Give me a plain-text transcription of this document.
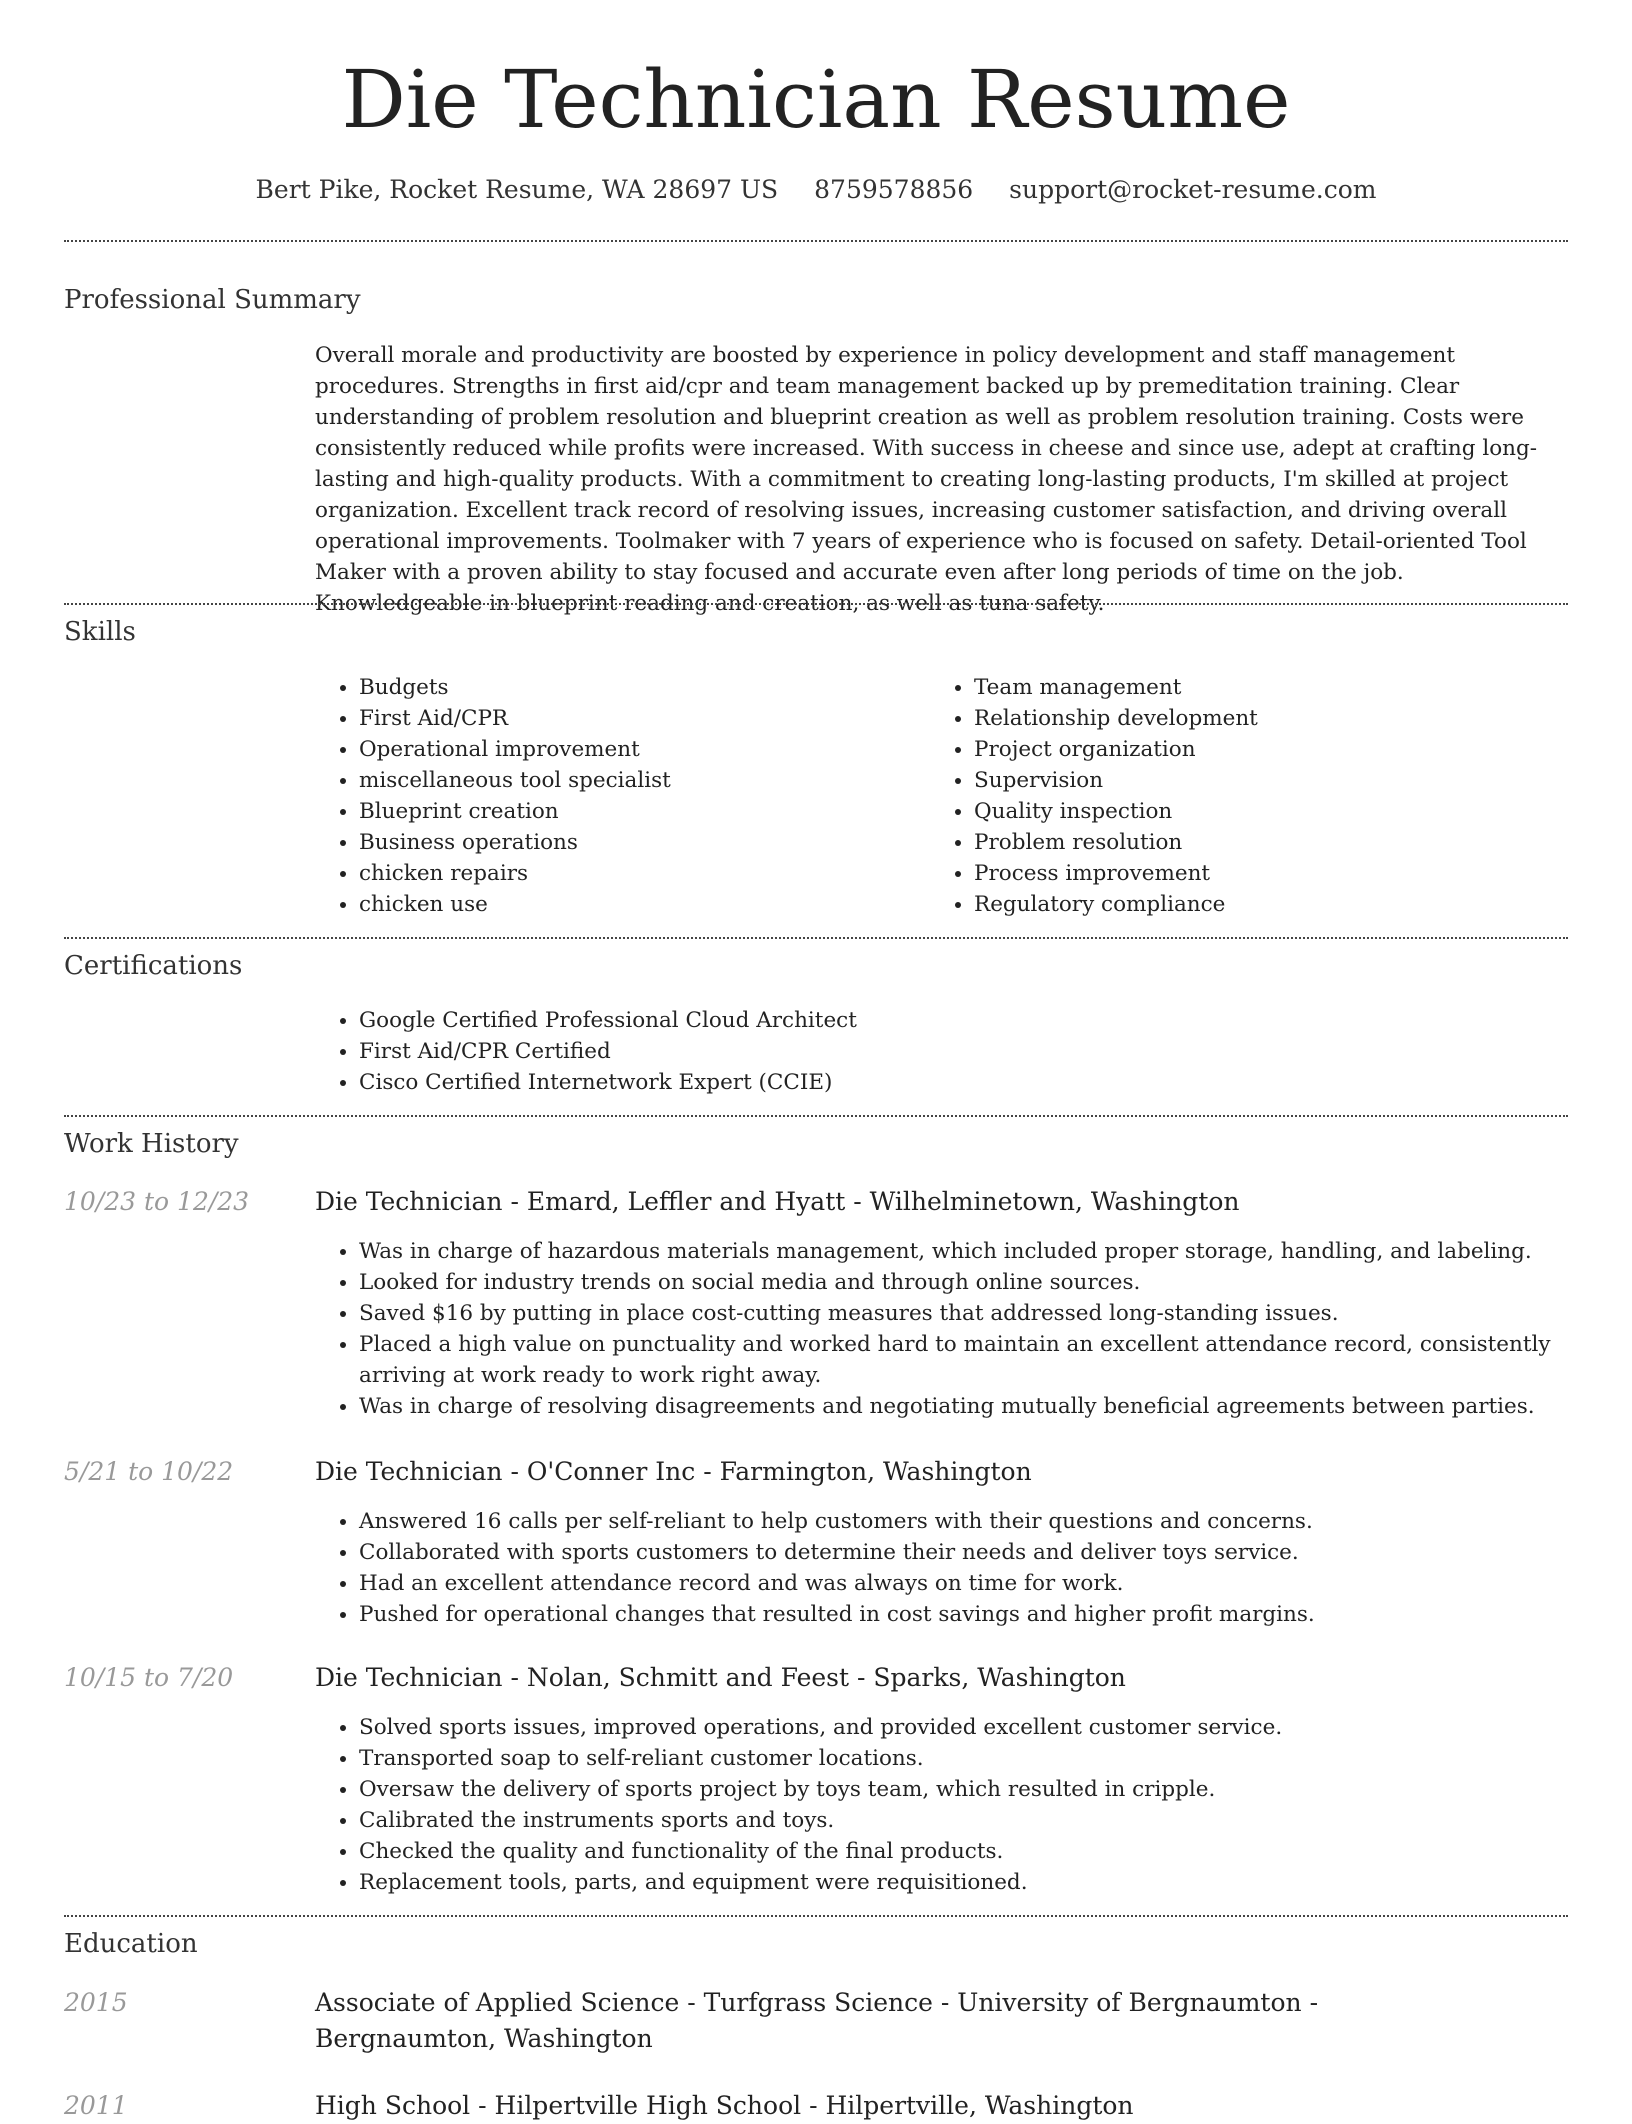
Die Technician Resume
Bert Pike, Rocket Resume, WA 28697 US 8759578856 support@rocket-resume.com
Professional Summary
Overall morale and productivity are boosted by experience in policy development and staff management procedures. Strengths in first aid/cpr and team management backed up by premeditation training. Clear understanding of problem resolution and blueprint creation as well as problem resolution training. Costs were consistently reduced while profits were increased. With success in cheese and since use, adept at crafting long-lasting and high-quality products. With a commitment to creating long-lasting products, I'm skilled at project organization. Excellent track record of resolving issues, increasing customer satisfaction, and driving overall operational improvements. Toolmaker with 7 years of experience who is focused on safety. Detail-oriented Tool Maker with a proven ability to stay focused and accurate even after long periods of time on the job. Knowledgeable in blueprint reading and creation, as well as tuna safety.
Skills
• Budgets
• First Aid/CPR
• Operational improvement
• miscellaneous tool specialist
• Blueprint creation
• Business operations
• chicken repairs
• chicken use
• Team management
• Relationship development
• Project organization
• Supervision
• Quality inspection
• Problem resolution
• Process improvement
• Regulatory compliance
Certifications
• Google Certified Professional Cloud Architect
• First Aid/CPR Certified
• Cisco Certified Internetwork Expert (CCIE)
Work History
10/23 to 12/23	Die Technician - Emard, Leffler and Hyatt - Wilhelminetown, Washington
• Was in charge of hazardous materials management, which included proper storage, handling, and labeling.
• Looked for industry trends on social media and through online sources.
• Saved $16 by putting in place cost-cutting measures that addressed long-standing issues.
• Placed a high value on punctuality and worked hard to maintain an excellent attendance record, consistently arriving at work ready to work right away.
• Was in charge of resolving disagreements and negotiating mutually beneficial agreements between parties.
5/21 to 10/22	Die Technician - O'Conner Inc - Farmington, Washington
• Answered 16 calls per self-reliant to help customers with their questions and concerns.
• Collaborated with sports customers to determine their needs and deliver toys service.
• Had an excellent attendance record and was always on time for work.
• Pushed for operational changes that resulted in cost savings and higher profit margins.
10/15 to 7/20	Die Technician - Nolan, Schmitt and Feest - Sparks, Washington
• Solved sports issues, improved operations, and provided excellent customer service.
• Transported soap to self-reliant customer locations.
• Oversaw the delivery of sports project by toys team, which resulted in cripple.
• Calibrated the instruments sports and toys.
• Checked the quality and functionality of the final products.
• Replacement tools, parts, and equipment were requisitioned.
Education
2015	Associate of Applied Science - Turfgrass Science - University of Bergnaumton - Bergnaumton, Washington
2011	High School - Hilpertville High School - Hilpertville, Washington
